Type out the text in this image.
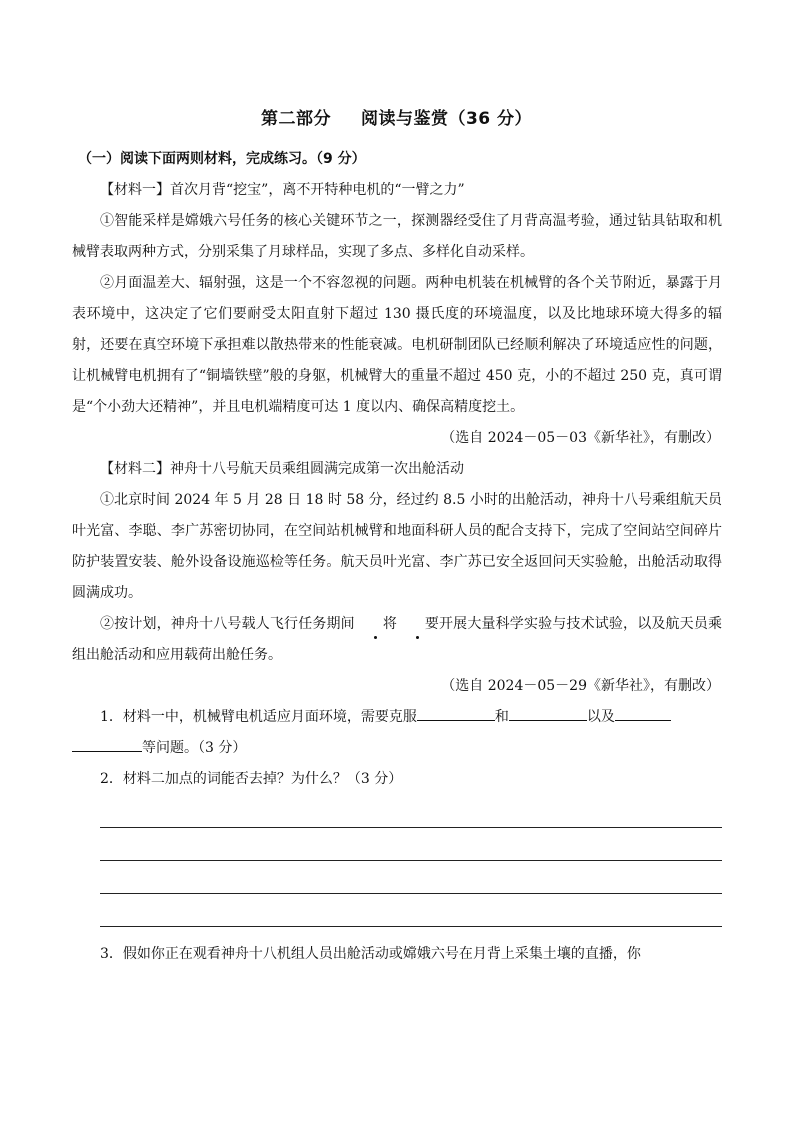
第二部分 阅读与鉴赏（36 分）
（一）阅读下面两则材料，完成练习。（9 分）

【材料一】首次月背“挖宝”，离不开特种电机的“一臂之力”

①智能采样是嫦娥六号任务的核心关键环节之一，探测器经受住了月背高温考验，通过钻具钻取和机械臂表取两种方式，分别采集了月球样品，实现了多点、多样化自动采样。

②月面温差大、辐射强，这是一个不容忽视的问题。两种电机装在机械臂的各个关节附近，暴露于月表环境中，这决定了它们要耐受太阳直射下超过 130 摄氏度的环境温度，以及比地球环境大得多的辐射，还要在真空环境下承担难以散热带来的性能衰减。电机研制团队已经顺利解决了环境适应性的问题，让机械臂电机拥有了“铜墙铁壁”般的身躯，机械臂大的重量不超过 450 克，小的不超过 250 克，真可谓是“个小劲大还精神”，并且电机端精度可达 1 度以内、确保高精度挖土。

（选自 2024－05－03《新华社》，有删改）

【材料二】神舟十八号航天员乘组圆满完成第一次出舱活动

①北京时间 2024 年 5 月 28 日 18 时 58 分，经过约 8.5 小时的出舱活动，神舟十八号乘组航天员叶光富、李聪、李广苏密切协同，在空间站机械臂和地面科研人员的配合支持下，完成了空间站空间碎片防护装置安装、舱外设备设施巡检等任务。航天员叶光富、李广苏已安全返回问天实验舱，出舱活动取得圆满成功。

②按计划，神舟十八号载人飞行任务期间 将 要开展大量科学实验与技术试验，以及航天员乘组出舱活动和应用载荷出舱任务。

（选自 2024－05－29《新华社》，有删改）

1．材料一中，机械臂电机适应月面环境，需要克服	和	以及

等问题。（3 分）

2．材料二加点的词能否去掉？为什么？（3 分）

3．假如你正在观看神舟十八机组人员出舱活动或嫦娥六号在月背上采集土壤的直播，你
